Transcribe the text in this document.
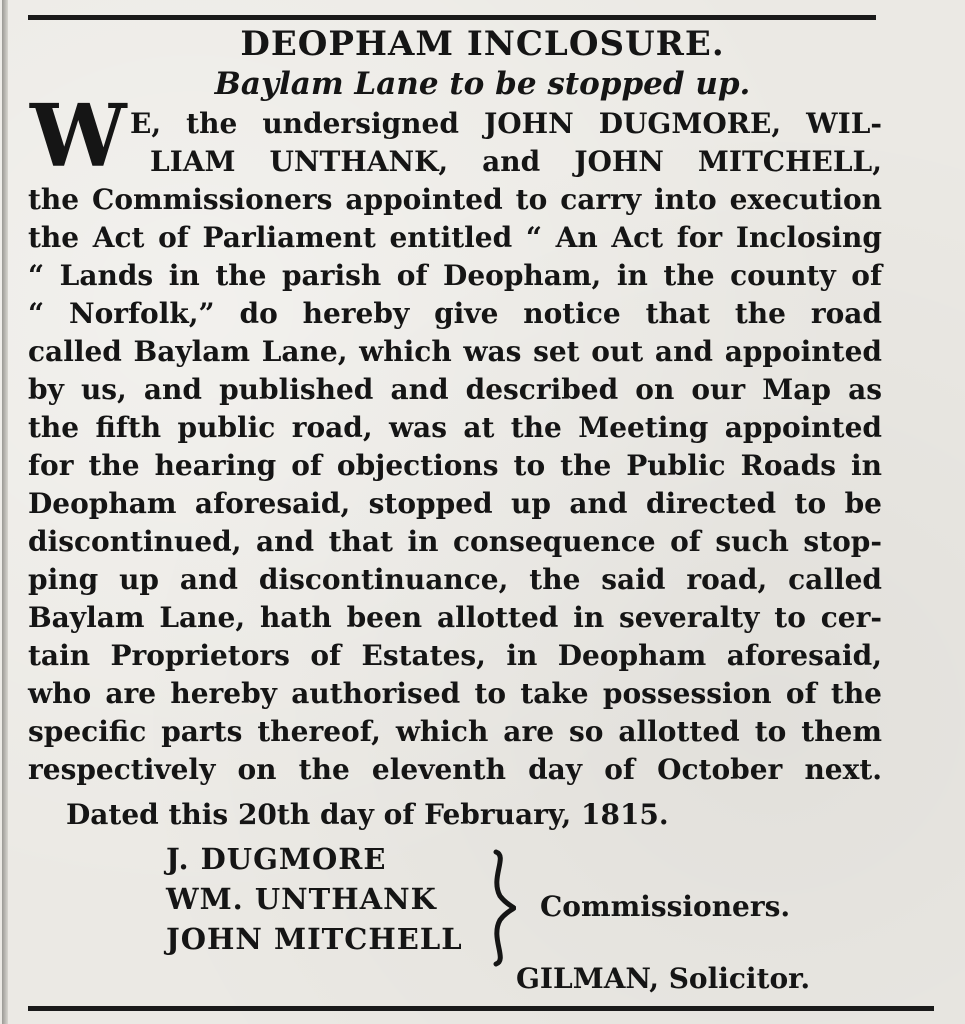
DEOPHAM INCLOSURE.
Baylam Lane to be stopped up.
W E, the undersigned JOHN DUGMORE, WIL-
LIAM UNTHANK, and JOHN MITCHELL,
the Commissioners appointed to carry into execution
the Act of Parliament entitled “ An Act for Inclosing
“ Lands in the parish of Deopham, in the county of
“ Norfolk,” do hereby give notice that the road
called Baylam Lane, which was set out and appointed
by us, and published and described on our Map as
the fifth public road, was at the Meeting appointed
for the hearing of objections to the Public Roads in
Deopham aforesaid, stopped up and directed to be
discontinued, and that in consequence of such stop-
ping up and discontinuance, the said road, called
Baylam Lane, hath been allotted in severalty to cer-
tain Proprietors of Estates, in Deopham aforesaid,
who are hereby authorised to take possession of the
specific parts thereof, which are so allotted to them
respectively on the eleventh day of October next.
Dated this 20th day of February, 1815.
J. DUGMORE
WM. UNTHANK
JOHN MITCHELL
Commissioners.
GILMAN, Solicitor.
